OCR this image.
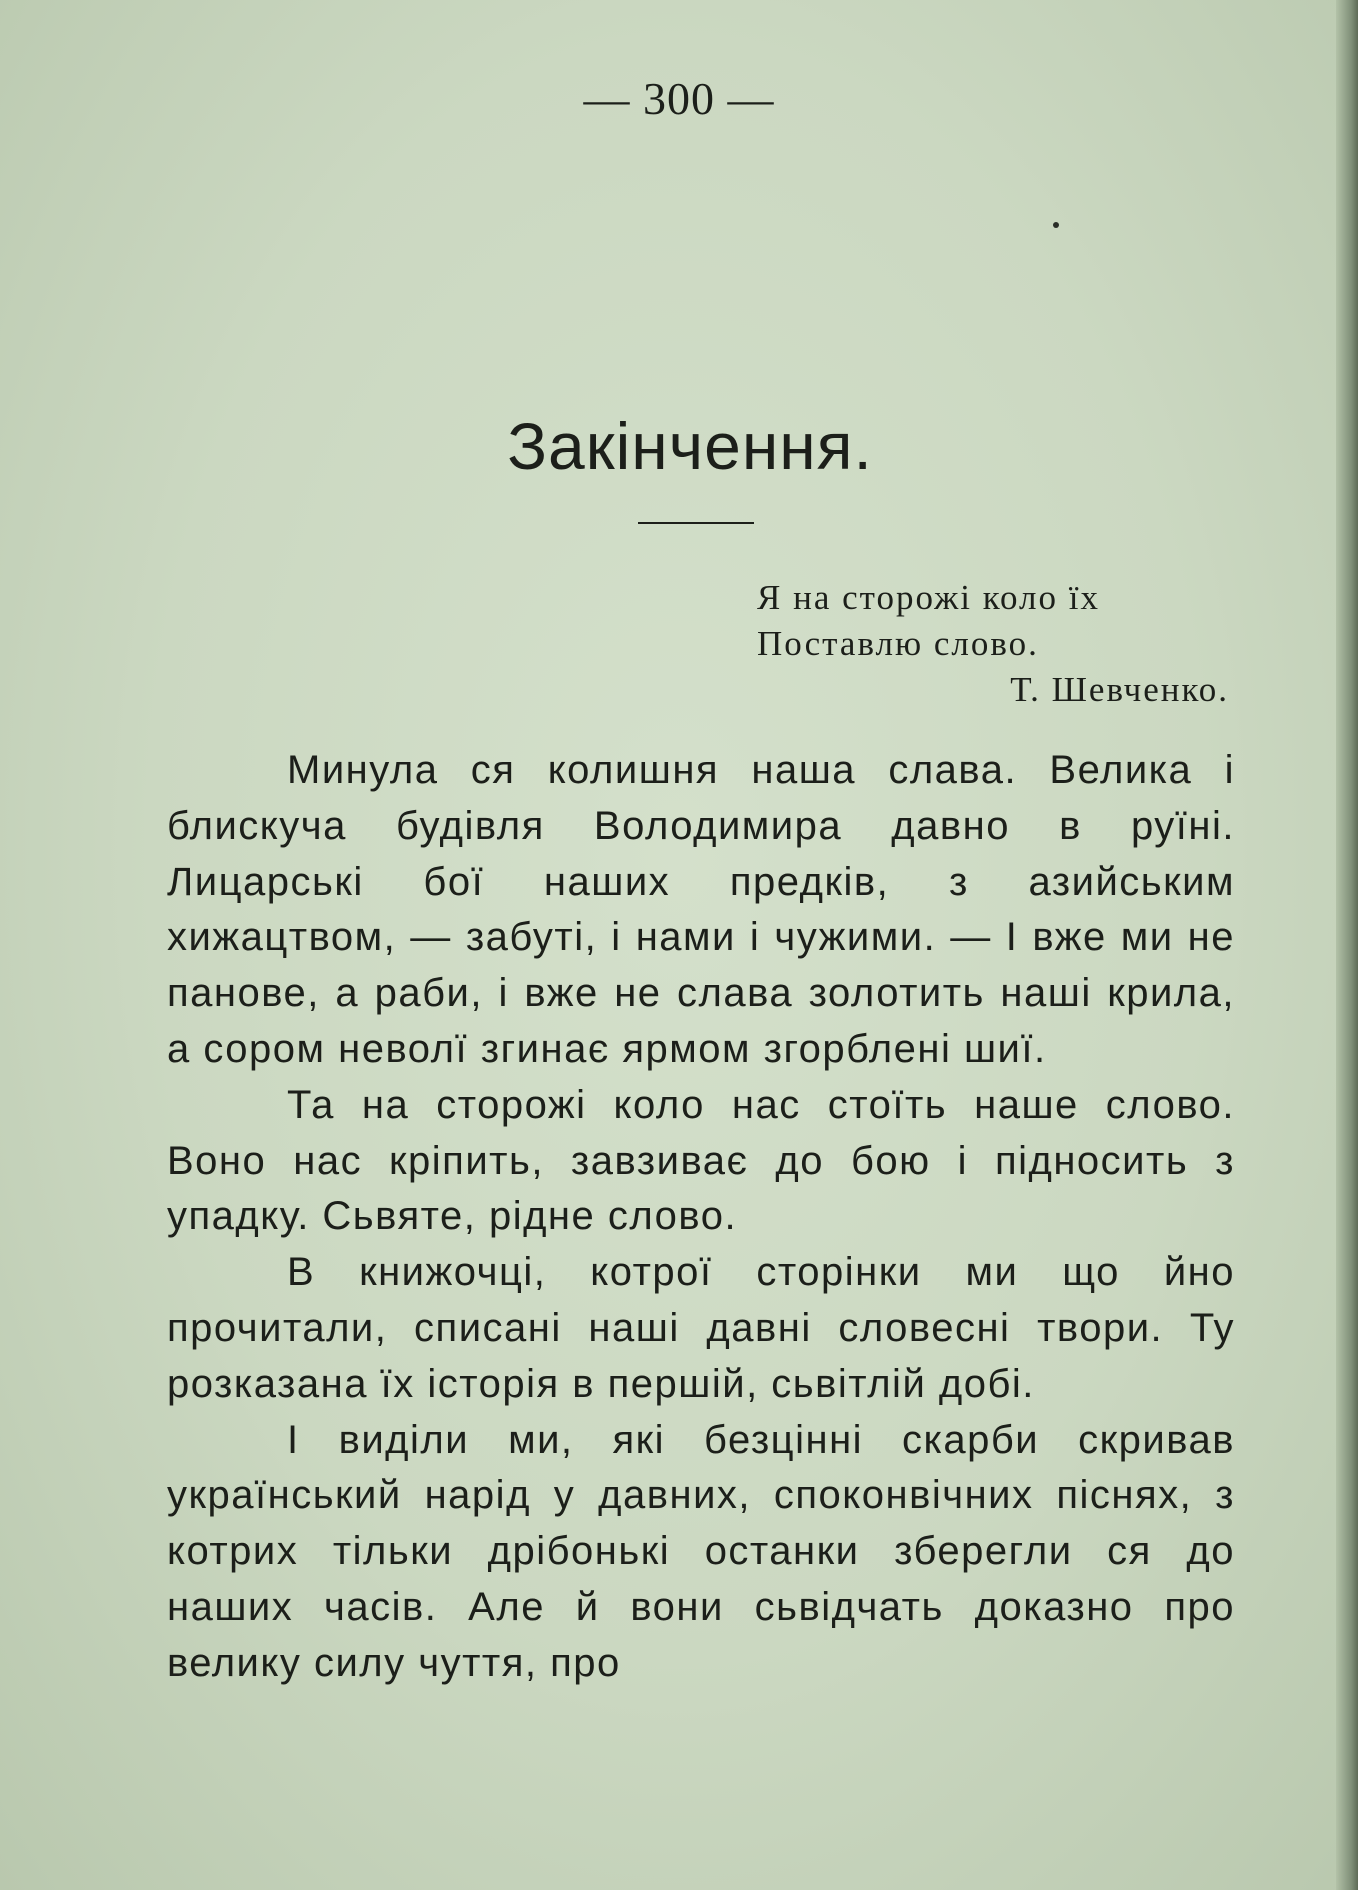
— 300 —
Закінчення.
Я на сторожі коло їх
Поставлю слово.
Т. Шевченко.

Минула ся колишня наша слава. Велика і блискуча будівля Володимира давно в руїні. Лицарські бої наших предків, з азийським хижацтвом, — забуті, і нами і чужими. — І вже ми не панове, а раби, і вже не слава золотить наші крила, а сором неволї згинає ярмом згорблені шиї.

Та на сторожі коло нас стоїть наше слово. Воно нас кріпить, завзиває до бою і підносить з упадку. Сьвяте, рідне слово.

В книжочці, котрої сторінки ми що йно прочитали, списані наші давні словесні твори. Ту розказана їх історія в першій, сьвітлій добі.

І виділи ми, які безцінні скарби скривав український нарід у давних, споконвічних піснях, з котрих тільки дрібонькі останки зберегли ся до наших часів. Але й вони сьвідчать доказно про велику силу чуття, про
